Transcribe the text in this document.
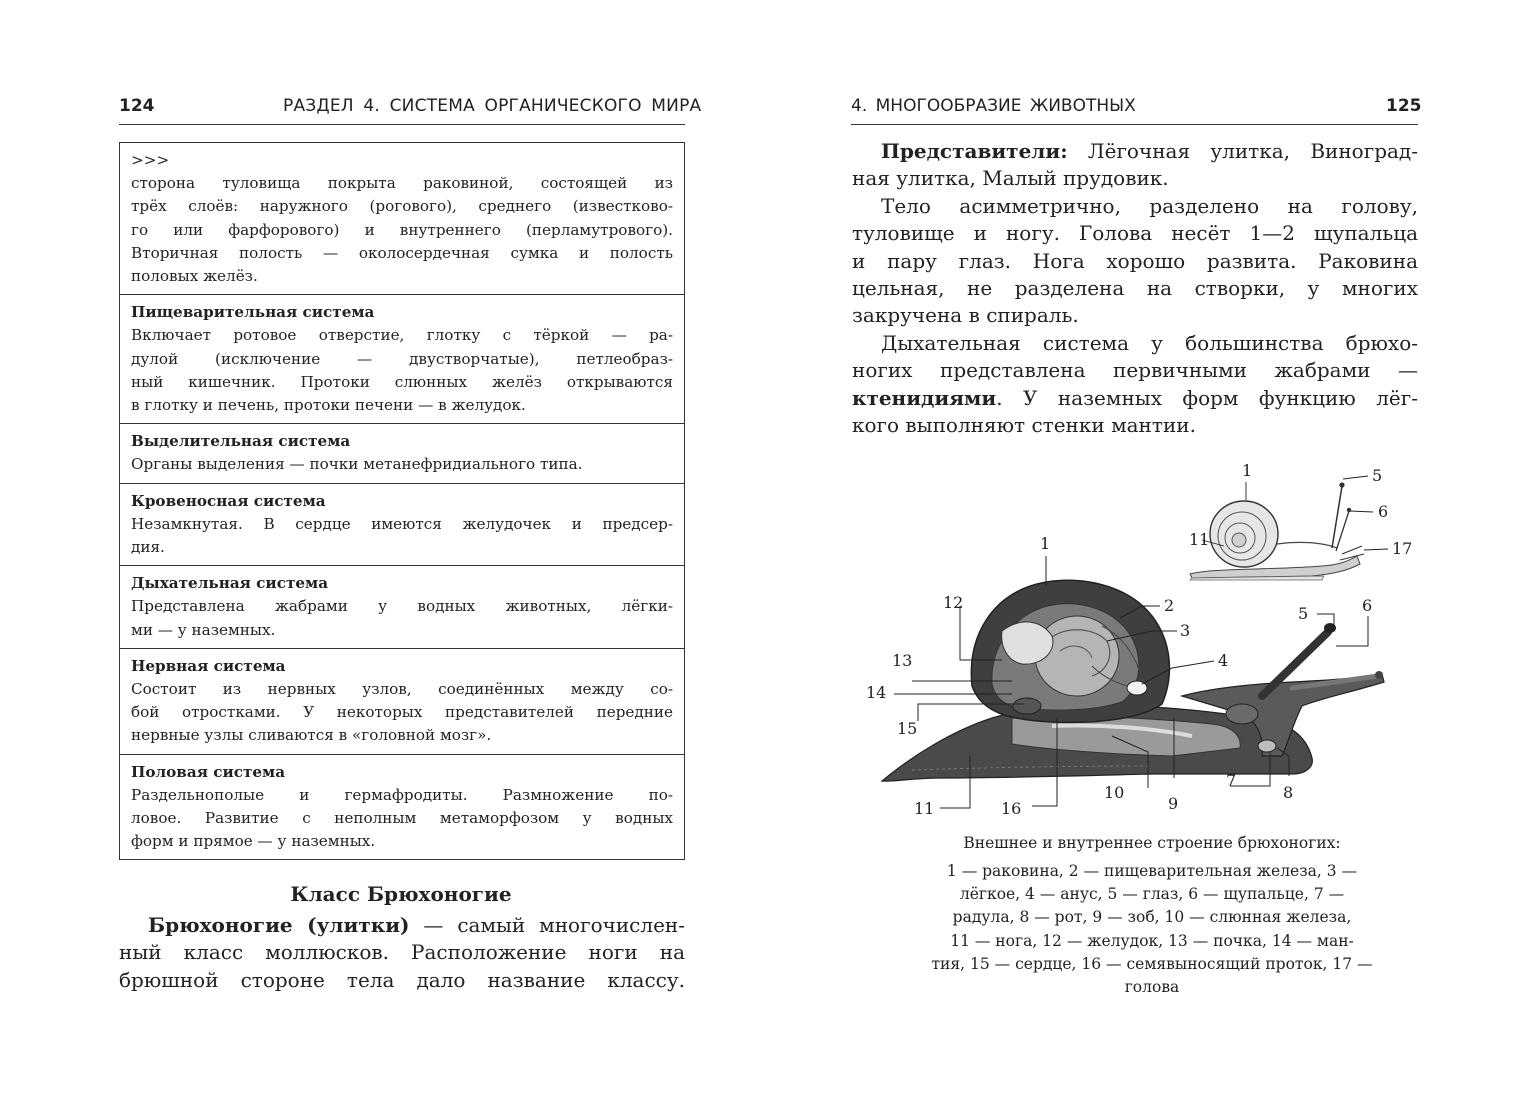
124	РАЗДЕЛ 4. СИСТЕМА ОРГАНИЧЕСКОГО МИРА
>>>
сторона туловища покрыта раковиной, состоящей из
трёх слоёв: наружного (рогового), среднего (известково-
го или фарфорового) и внутреннего (перламутрового).
Вторичная полость — околосердечная сумка и полость
половых желёз.
Пищеварительная система
Включает ротовое отверстие, глотку с тёркой — ра-
дулой (исключение — двустворчатые), петлеобраз-
ный кишечник. Протоки слюнных желёз открываются
в глотку и печень, протоки печени — в желудок.
Выделительная система
Органы выделения — почки метанефридиального типа.
Кровеносная система
Незамкнутая. В сердце имеются желудочек и предсер-
дия.
Дыхательная система
Представлена жабрами у водных животных, лёгки-
ми — у наземных.
Нервная система
Состоит из нервных узлов, соединённых между со-
бой отростками. У некоторых представителей передние
нервные узлы сливаются в «головной мозг».
Половая система
Раздельнополые и гермафродиты. Размножение по-
ловое. Развитие с неполным метаморфозом у водных
форм и прямое — у наземных.
Класс Брюхоногие
Брюхоногие (улитки) — самый многочислен-
ный класс моллюсков. Расположение ноги на
брюшной стороне тела дало название классу.
4. МНОГООБРАЗИЕ ЖИВОТНЫХ	125
Представители: Лёгочная улитка, Виноград-
ная улитка, Малый прудовик.
Тело асимметрично, разделено на голову,
туловище и ногу. Голова несёт 1—2 щупальца
и пару глаз. Нога хорошо развита. Раковина
цельная, не разделена на створки, у многих
закручена в спираль.
Дыхательная система у большинства брюхо-
ногих представлена первичными жабрами —
ктенидиями. У наземных форм функцию лёг-
кого выполняют стенки мантии.
1	5
6
11	17
1
2
3
4
5	6
7
8
9
10
11
12
13
14
15
16
Внешнее и внутреннее строение брюхоногих:
1 — раковина, 2 — пищеварительная железа, 3 —
лёгкое, 4 — анус, 5 — глаз, 6 — щупальце, 7 —
радула, 8 — рот, 9 — зоб, 10 — слюнная железа,
11 — нога, 12 — желудок, 13 — почка, 14 — ман-
тия, 15 — сердце, 16 — семявыносящий проток, 17 —
голова
